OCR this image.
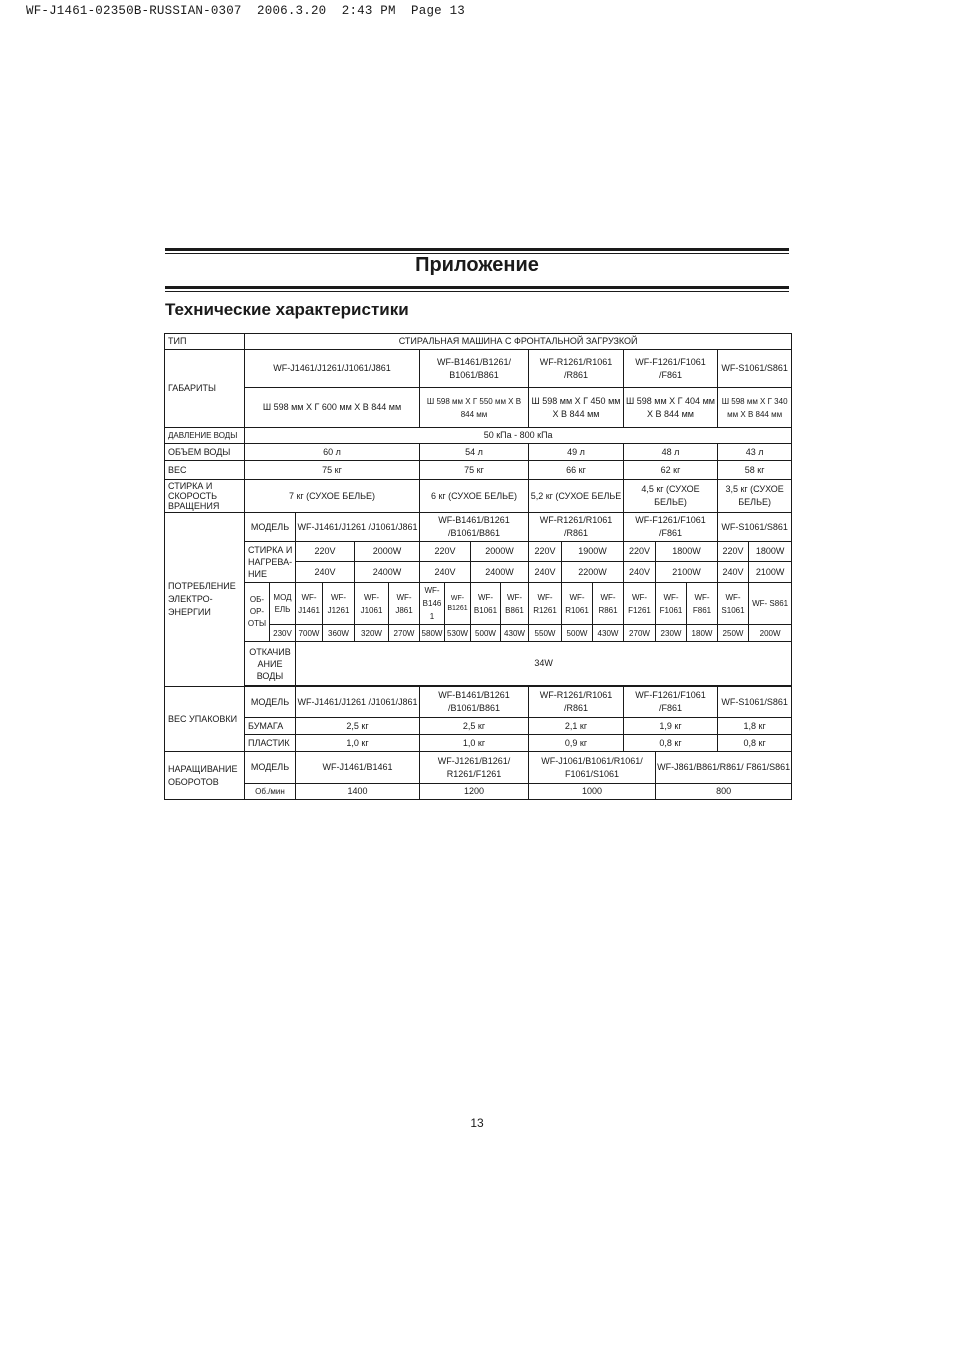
WF-J1461-02350B-RUSSIAN-0307  2006.3.20  2:43 PM  Page 13
Приложение
Технические характеристики
ТИП	СТИРАЛЬНАЯ МАШИНА С ФРОНТАЛЬНОЙ ЗАГРУЗКОЙ																	
ГАБАРИТЫ	WF-J1461/J1261/J1061/J861						WF-B1461/B1261/ B1061/B861				WF-R1261/R1061 /R861			WF-F1261/F1061 /F861			WF-S1061/S861	
	Ш 598 мм X Г 600 мм X В 844 мм						Ш 598 мм X Г 550 мм X В 844 мм				Ш 598 мм X Г 450 мм X В 844 мм			Ш 598 мм X Г 404 мм X В 844 мм			Ш 598 мм X Г 340 мм X В 844 мм	
ДАВЛЕНИЕ ВОДЫ	50 кПа - 800 кПа																	
ОБЪЕМ ВОДЫ	60 л						54 л				49 л			48 л			43 л	
ВЕС	75 кг						75 кг				66 кг			62 кг			58 кг	
СТИРКА И СКОРОСТЬ ВРАЩЕНИЯ	7 кг (СУХОЕ БЕЛЬЕ)						6 кг (СУХОЕ БЕЛЬЕ)				5,2 кг (СУХОЕ БЕЛЬЕ			4,5 кг (СУХОЕ БЕЛЬЕ)			3,5 кг (СУХОЕ БЕЛЬЕ)	
ПОТРЕБЛЕНИЕ ЭЛЕКТРО- ЭНЕРГИИ	МОДЕЛЬ		WF-J1461/J1261 /J1061/J861				WF-B1461/B1261 /B1061/B861				WF-R1261/R1061 /R861			WF-F1261/F1061 /F861			WF-S1061/S861	
	СТИРКА И НАГРЕВА- НИЕ		220V		2000W		220V		2000W		220V	1900W		220V	1800W		220V	1800W
			240V		2400W		240V		2400W		240V	2200W		240V	2100W		240V	2100W
	ОБ- ОР- ОТЫ	МОД ЕЛЬ	WF- J1461	WF- J1261	WF- J1061	WF- J861	WF- B1461	WF- B1261	WF- B1061	WF- B861	WF- R1261	WF- R1061	WF- R861	WF- F1261	WF- F1061	WF- F861	WF- S1061	WF- S861
		230V	700W	360W	320W	270W	580W	530W	500W	430W	550W	500W	430W	270W	230W	180W	250W	200W
	ОТКАЧИВ АНИЕ ВОДЫ		34W															

ВЕС УПАКОВКИ	МОДЕЛЬ		WF-J1461/J1261 /J1061/J861				WF-B1461/B1261 /B1061/B861				WF-R1261/R1061 /R861			WF-F1261/F1061 /F861			WF-S1061/S861	
	БУМАГА		2,5 кг				2,5 кг				2,1 кг			1,9 кг			1,8 кг	
	ПЛАСТИК		1,0 кг				1,0 кг				0,9 кг			0,8 кг			0,8 кг	
НАРАЩИВАНИЕ ОБОРОТОВ	МОДЕЛЬ		WF-J1461/B1461				WF-J1261/B1261/ R1261/F1261				WF-J1061/B1061/R1061/ F1061/S1061				WF-J861/B861/R861/ F861/S861			
	Об./мин		1400				1200				1000				800			
13
